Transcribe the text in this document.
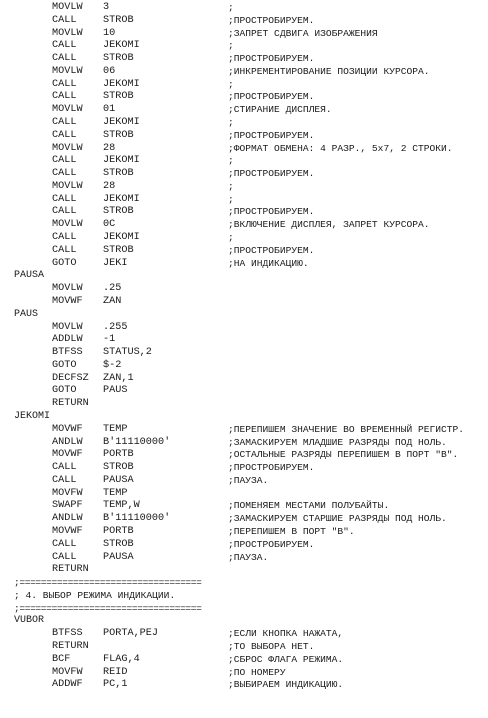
MOVLW 3	;
CALL	STROB	;ПРОСТРОБИРУЕМ.
MOVLW 10	;ЗАПРЕТ СДВИГА ИЗОБРАЖЕНИЯ
CALL	JEKOMI	;
CALL	STROB	;ПРОСТРОБИРУЕМ.
MOVLW 06	;ИНКРЕМЕНТИРОВАНИЕ ПОЗИЦИИ КУРСОРА.
CALL	JEKOMI	;
CALL	STROB	;ПРОСТРОБИРУЕМ.
MOVLW 01	;СТИРАНИЕ ДИСПЛЕЯ.
CALL	JEKOMI	;
CALL	STROB	;ПРОСТРОБИРУЕМ.
MOVLW 28	;ФОРМАТ ОБМЕНА: 4 РАЗР., 5х7, 2 СТРОКИ.
CALL	JEKOMI	;
CALL	STROB	;ПРОСТРОБИРУЕМ.
MOVLW 28	;
CALL	JEKOMI	;
CALL	STROB	;ПРОСТРОБИРУЕМ.
MOVLW 0C	;ВКЛЮЧЕНИЕ ДИСПЛЕЯ, ЗАПРЕТ КУРСОРА.
CALL	JEKOMI	;
CALL	STROB	;ПРОСТРОБИРУЕМ.
GOTO	JEKI	;НА ИНДИКАЦИЮ.
PAUSA
MOVLW .25
MOVWF ZAN
PAUS
MOVLW .255
ADDLW -1
BTFSS STATUS,2
GOTO	$-2
DECFSZ ZAN,1
GOTO	PAUS
RETURN
JEKOMI
MOVWF TEMP	;ПЕРЕПИШЕМ ЗНАЧЕНИЕ ВО ВРЕМЕННЫЙ РЕГИСТР.
ANDLW B'11110000'	;ЗАМАСКИРУЕМ МЛАДШИЕ РАЗРЯДЫ ПОД НОЛЬ.
MOVWF PORTB	;ОСТАЛЬНЫЕ РАЗРЯДЫ ПЕРЕПИШЕМ В ПОРТ "В".
CALL	STROB	;ПРОСТРОБИРУЕМ.
CALL	PAUSA	;ПАУЗА.
MOVFW TEMP
SWAPF TEMP,W	;ПОМЕНЯЕМ МЕСТАМИ ПОЛУБАЙТЫ.
ANDLW B'11110000'	;ЗАМАСКИРУЕМ СТАРШИЕ РАЗРЯДЫ ПОД НОЛЬ.
MOVWF PORTB	;ПЕРЕПИШЕМ В ПОРТ "В".
CALL	STROB	;ПРОСТРОБИРУЕМ.
CALL	PAUSA	;ПАУЗА.
RETURN
;==================================
; 4. ВЫБОР РЕЖИМА ИНДИКАЦИИ.
;==================================
VUBOR
BTFSS PORTA,PEJ	;ЕСЛИ КНОПКА НАЖАТА,
RETURN	;ТО ВЫБОРА НЕТ.
BCF	FLAG,4	;СБРОС ФЛАГА РЕЖИМА.
MOVFW REID	;ПО НОМЕРУ
ADDWF PC,1	;ВЫБИРАЕМ ИНДИКАЦИЮ.
